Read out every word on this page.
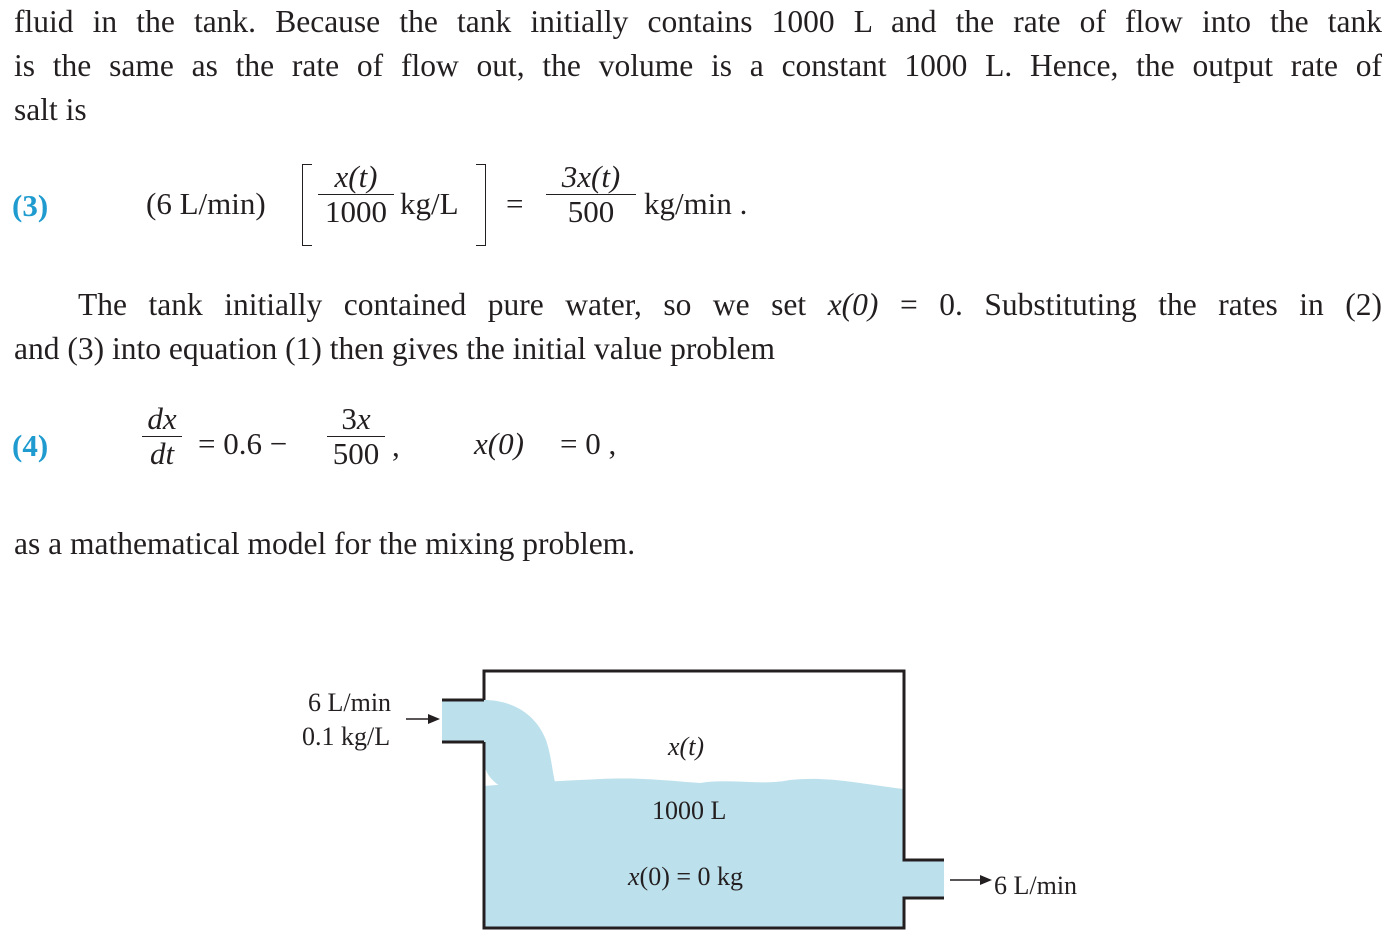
fluid in the tank. Because the tank initially contains 1000 L and the rate of flow into the tank
is the same as the rate of flow out, the volume is a constant 1000 L. Hence, the output rate of
salt is
(3)	(6 L/min)
x(t)
1000 kg/L =
3x(t)
500 kg/min .
The tank initially contained pure water, so we set x(0) = 0. Substituting the rates in (2)
and (3) into equation (1) then gives the initial value problem
(4)
dx
dt = 0.6 −
3x
500 , x(0) = 0 ,
as a mathematical model for the mixing problem.
6 L/min
0.1 kg/L	x(t)
1000 L
x(0) = 0 kg	6 L/min
